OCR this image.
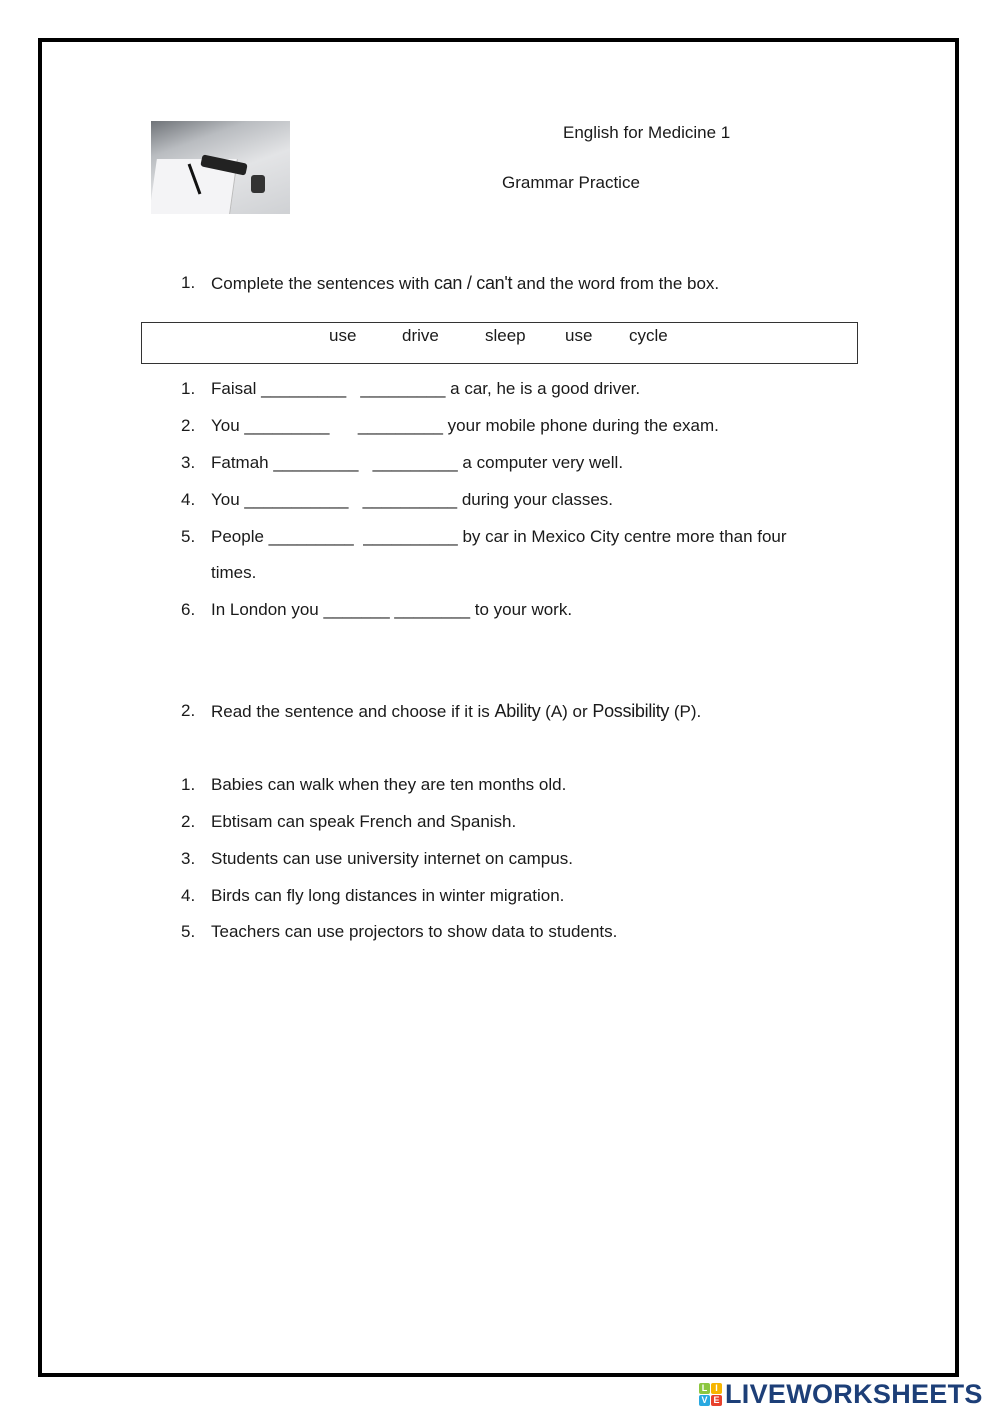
English for Medicine 1
Grammar Practice
1. Complete the sentences with can / can't and the word from the box.
use	drive	sleep use cycle
1. Faisal _________   _________ a car, he is a good driver.
2. You _________      _________ your mobile phone during the exam.
3. Fatmah _________   _________ a computer very well.
4. You ___________   __________ during your classes.
5. People _________  __________ by car in Mexico City centre more than four
times.
6. In London you _______ ________ to your work.
2. Read the sentence and choose if it is Ability (A) or Possibility (P).
1. Babies can walk when they are ten months old.
2. Ebtisam can speak French and Spanish.
3. Students can use university internet on campus.
4. Birds can fly long distances in winter migration.
5. Teachers can use projectors to show data to students.
L I
V E LIVEWORKSHEETS
